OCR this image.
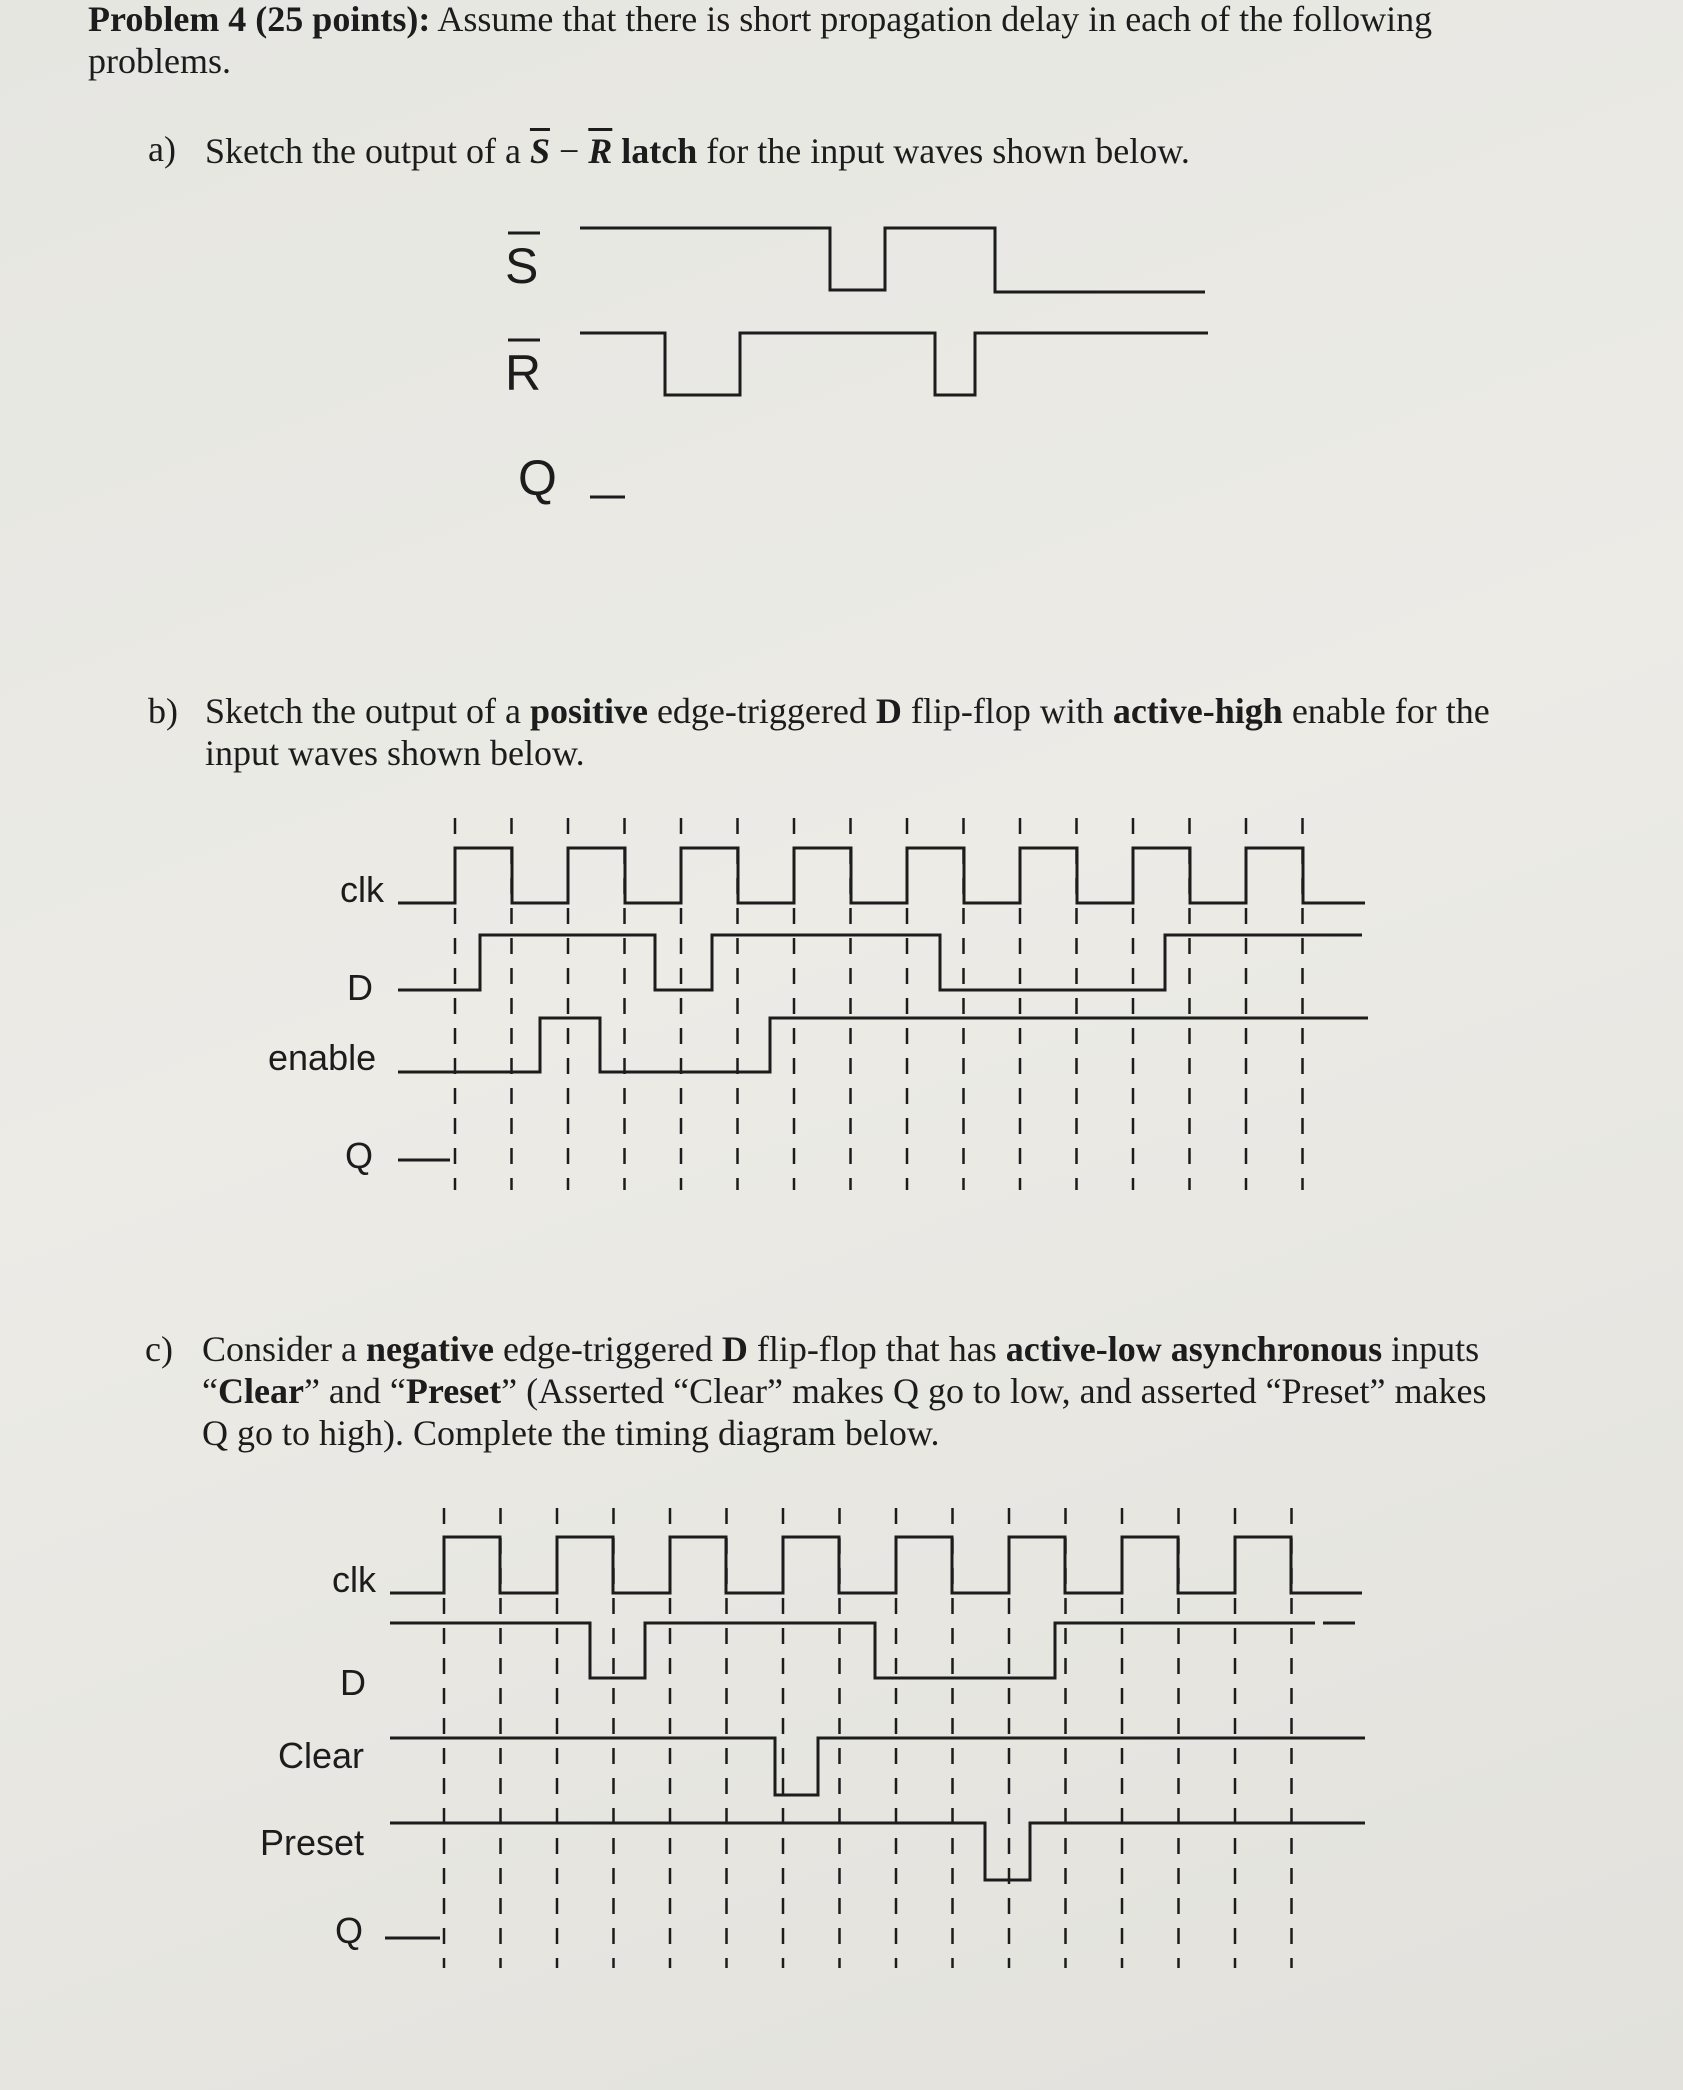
Problem 4 (25 points): Assume that there is short propagation delay in each of the following problems.
a) Sketch the output of a $\overline{S} - \overline{R}$ latch for the input waves shown below.
b) Sketch the output of a positive edge-triggered D flip-flop with active-high enable for the input waves shown below.
c) Consider a negative edge-triggered D flip-flop that has active-low asynchronous inputs “Clear” and “Preset” (Asserted “Clear” makes Q go to low, and asserted “Preset” makes Q go to high). Complete the timing diagram below.
S
R
Q
clk
D
enable
Q
clk
D
Clear
Preset
Q
